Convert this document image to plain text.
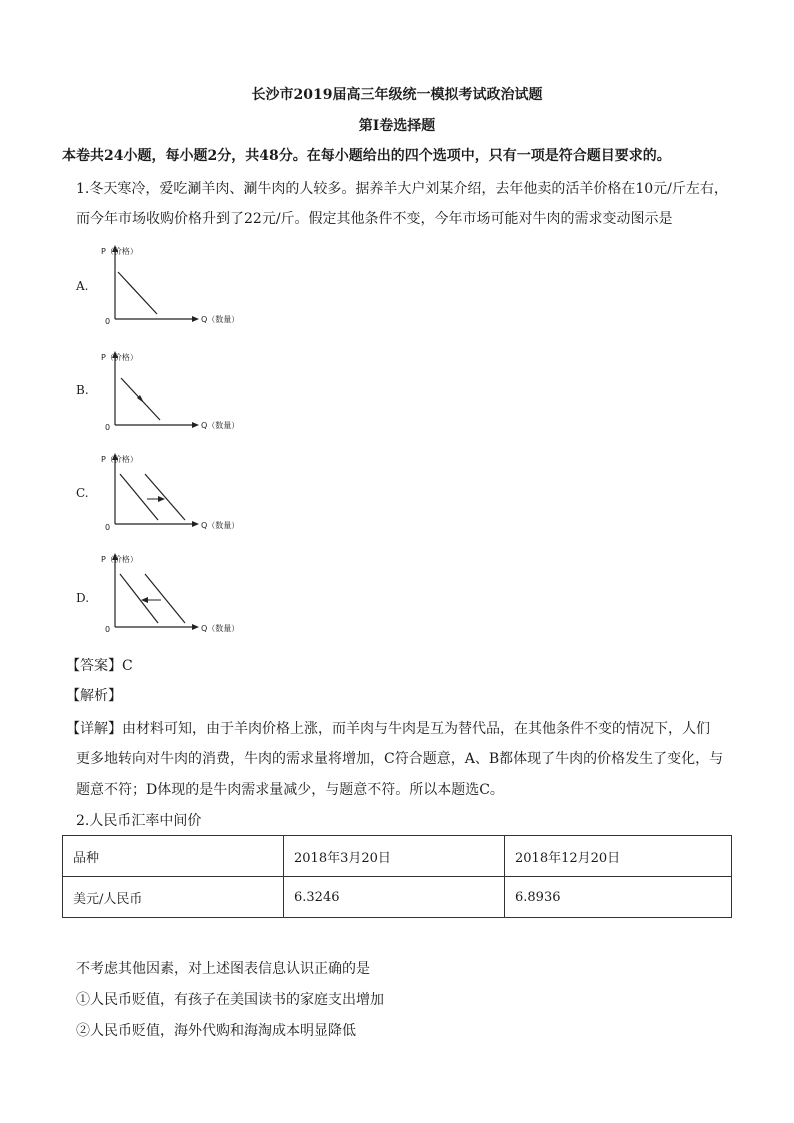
长沙市2019届高三年级统一模拟考试政治试题
第Ⅰ卷选择题
本卷共24小题，每小题2分，共48分。在每小题给出的四个选项中，只有一项是符合题目要求的。
1.冬天寒冷，爱吃涮羊肉、涮牛肉的人较多。据养羊大户刘某介绍，去年他卖的活羊价格在10元/斤左右，
而今年市场收购价格升到了22元/斤。假定其他条件不变，今年市场可能对牛肉的需求变动图示是
A.
P（价格）
0	Q（数量）
B.
P（价格）
0	Q（数量）
C.
P（价格）
0	Q（数量）
D.
P（价格）
0	Q（数量）
【答案】C
【解析】
【详解】由材料可知，由于羊肉价格上涨，而羊肉与牛肉是互为替代品，在其他条件不变的情况下，人们
更多地转向对牛肉的消费，牛肉的需求量将增加，C符合题意，A、B都体现了牛肉的价格发生了变化，与
题意不符；D体现的是牛肉需求量减少，与题意不符。所以本题选C。
2.人民币汇率中间价
品种	2018年3月20日	2018年12月20日
美元/人民币	6.3246	6.8936
不考虑其他因素，对上述图表信息认识正确的是
①人民币贬值，有孩子在美国读书的家庭支出增加
②人民币贬值，海外代购和海淘成本明显降低
